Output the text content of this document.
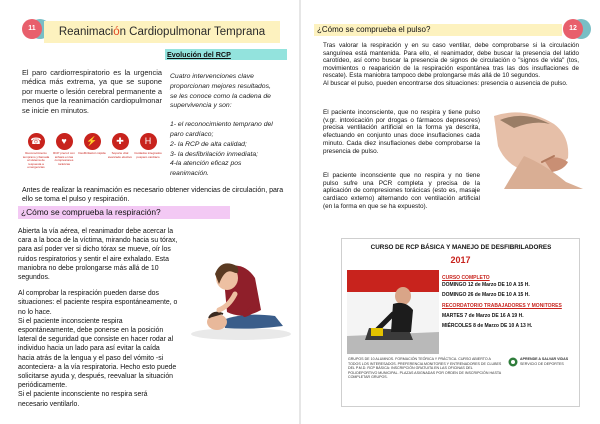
11	Reanimación Cardiopulmonar Temprana
El paro cardiorrespiratorio es la urgencia médica más extrema, ya que se supone por muerte o lesión cerebral permanente a menos que la reanimación cardiopulmonar se inicie en minutos.
☎
Reconocimiento temprano y llamada al sistema de respuesta a emergencias
♥
RCP precoz con énfasis en las compresiones torácicas
⚡
Desfibrilación rápida
✚
Soporte vital avanzado efectivo
H
Cuidados integrados posparo cardíaco
Evolución del RCP
Cuatro intervenciones clave proporcionan mejores resultados, se les conoce como la cadena de supervivencia y son:
1- el reconocimiento temprano del paro cardíaco;
2- la RCP de alta calidad;
3- la desfibrilación inmediata;
4-la atención eficaz pos reanimación.
Antes de realizar la reanimación es necesario obtener videncias de circulación, para ello se toma el pulso y respiración.
¿Cómo se comprueba la respiración?

Abierta la vía aérea, el reanimador debe acercar la cara a la boca de la víctima, mirando hacia su tórax, para así poder ver si dicho tórax se mueve, oír los ruidos respiratorios y sentir el aire exhalado. Esta maniobra no debe prolongarse más allá de 10 segundos.

Al comprobar la respiración pueden darse dos situaciones: el paciente respira espontáneamente, o no lo hace.
Si el paciente inconsciente respira espontáneamente, debe ponerse en la posición lateral de seguridad que consiste en hacer rodar al individuo hacia un lado para así evitar la caída hacia atrás de la lengua y el paso del vómito -si aconteciera- a la vía respiratoria. Hecho esto puede solicitarse ayuda y, después, reevaluar la situación periódicamente.
Si el paciente inconsciente no respira será necesario ventilarlo.

12
¿Cómo se comprueba el pulso?

Tras valorar la respiración y en su caso ventilar, debe comprobarse si la circulación sanguínea está mantenida. Para ello, el reanimador, debe buscar la presencia del latido carotídeo, así como buscar la presencia de signos de circulación o "signos de vida" (tos, movimientos o reaparición de la respiración espontánea tras las dos insuflaciones de rescate). Esta maniobra tampoco debe prolongarse más allá de 10 segundos.

Al buscar el pulso, pueden encontrarse dos situaciones: presencia o ausencia de pulso.

El paciente inconsciente, que no respira y tiene pulso (v.gr. intoxicación por drogas o fármacos depresores) precisa ventilación artificial en la forma ya descrita, efectuando en conjunto unas doce insuflaciones cada minuto. Cada diez insuflaciones debe comprobarse la presencia de pulso.
El paciente inconsciente que no respira y no tiene pulso sufre una PCR completa y precisa de la aplicación de compresiones torácicas (esto es, masaje cardíaco externo) alternando con ventilación artificial (en la forma en que se ha expuesto).
CURSO DE RCP BÁSICA Y MANEJO DE DESFIBRILADORES
2017
CURSO COMPLETO
DOMINGO 12 de Marzo DE 10 A 15 H.
DOMINGO 26 de Marzo DE 10 A 15 H.
RECORDATORIO TRABAJADORES Y MONITORES
MARTES 7 de Marzo DE 16 A 19 H.
MIÉRCOLES 8 de Marzo DE 10 A 13 H.
GRUPOS DE 10 ALUMNOS. FORMACIÓN TEÓRICA Y PRÁCTICA. CURSO ABIERTO A TODOS LOS INTERESADOS. PREFERENCIA MONITORES Y ENTRENADORES DE CLUBES DEL P.M.D. RCP BÁSICA: INSCRIPCIÓN GRATUITA EN LAS OFICINAS DEL POLIDEPORTIVO MUNICIPAL. PLAZAS ASIGNADAS POR ORDEN DE INSCRIPCIÓN HASTA COMPLETAR GRUPOS.
APRENDE A SALVAR VIDAS
SERVICIO DE DEPORTES
